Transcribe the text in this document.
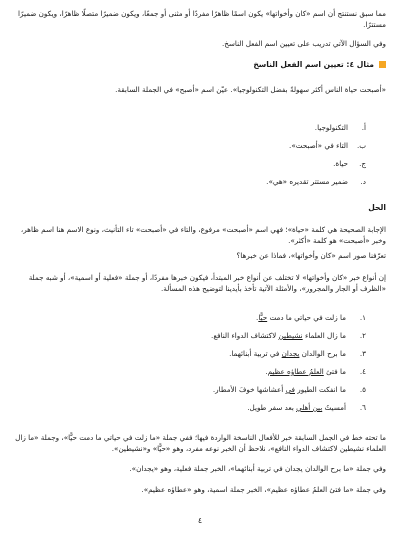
مما سبق نستنتج أن اسم «كان وأخواتها» يكون اسمًا ظاهرًا مفردًا أو مثنى أو جمعًا، ويكون ضميرًا متصلًا ظاهرًا، ويكون ضميرًا مستترًا.

وفي السؤال الآتي تدريب على تعيين اسم الفعل الناسخ.

مثال ٤: تعيين اسم الفعل الناسخ

«أصبحت حياة الناس أكثر سهولةً بفضل التكنولوجيا». عيّن اسم «أصبح» في الجملة السابقة.

أ.
التكنولوجيا.
ب.
التاء في «أصبحت».
ج.
حياة.
د.
ضمير مستتر تقديره «هي».
الحل

الإجابة الصحيحة هي كلمة «حياة»؛ فهي اسم «أصبحت» مرفوع، والتاء في «أصبحت» تاء التأنيث، ونوع الاسم هنا اسم ظاهر، وخبر «أصبحت» هو كلمة «أكثر».

تعرّفنا صور اسم «كان وأخواتها»، فماذا عن خبرها؟

إن أنواع خبر «كان وأخواتها» لا تختلف عن أنواع خبر المبتدأ، فيكون خبرها مفردًا، أو جملة «فعلية أو اسمية»، أو شبه جملة «الظرف أو الجار والمجرور»، والأمثلة الآتية تأخذ بأيدينا لتوضيح هذه المسألة.

١.
ما زلت في حياتي ما دمت حيًّا.
٢.
ما زال العلماء نشيطين لاكتشاف الدواء النافع.
٣.
ما برح الوالدان يجدان في تربية أبنائهما.
٤.
ما فتئ العلمُ عطاؤه عظيم.
٥.
ما انفكت الطيور في أعشاشها خوفَ الأمطار.
٦.
أمسيتُ بين أهلي بعد سفر طويل.

ما تحته خط في الجمل السابقة خبر للأفعال الناسخة الواردة فيها؛ ففي جملة «ما زلت في حياتي ما دمت حيًّا»، وجملة «ما زال العلماء نشيطين لاكتشاف الدواء النافع»، نلاحظ أن الخبر نوعه مفرد، وهو «حيًّا» و«نشيطين».

وفي جملة «ما برح الوالدان يجدان في تربية أبنائهما»، الخبر جملة فعلية، وهو «يجدان».

وفي جملة «ما فتئ العلمُ عطاؤه عظيم»، الخبر جملة اسمية، وهو «عطاؤه عظيم».

٤
